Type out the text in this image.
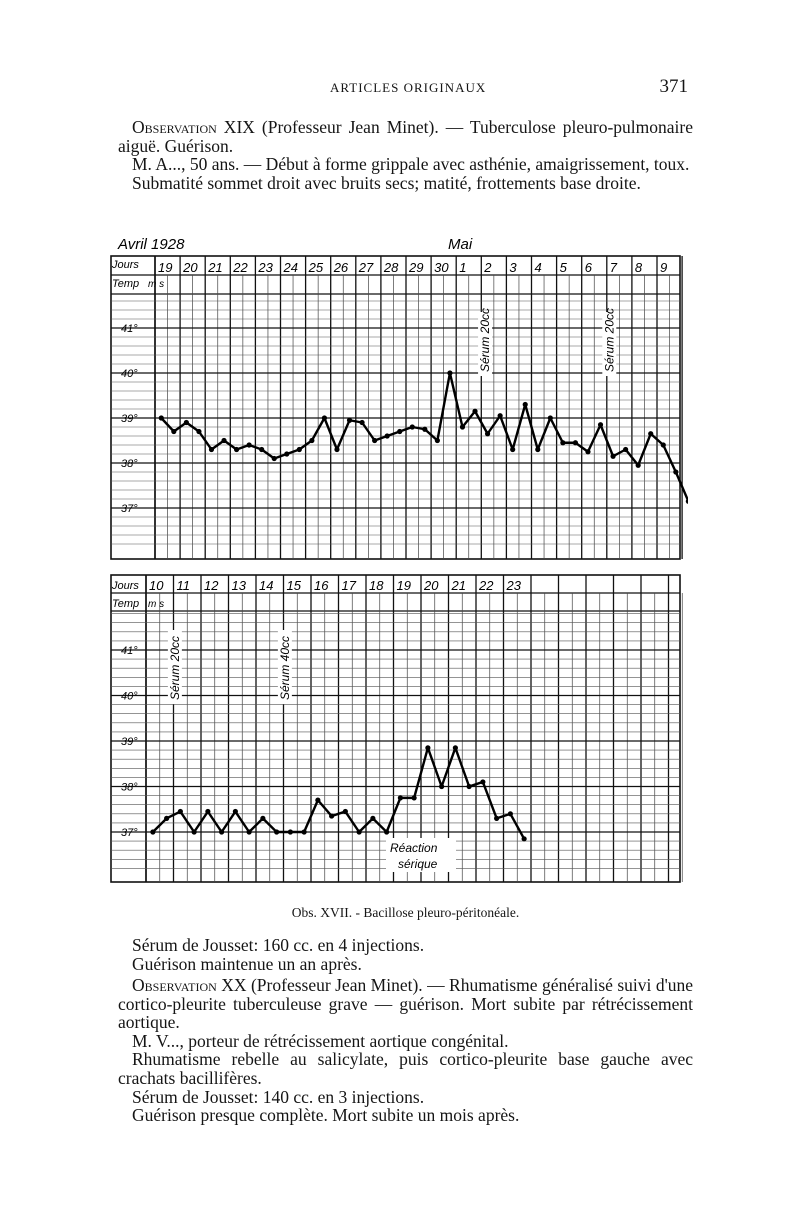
ARTICLES ORIGINAUX	371

Observation XIX (Professeur Jean Minet). — Tuberculose pleuro-pulmonaire aiguë. Guérison.

M. A..., 50 ans. — Début à forme grippale avec asthénie, amaigrissement, toux.

Submatité sommet droit avec bruits secs; matité, frottements base droite.

Avril 1928	Mai
Jours
Temp m s
19 20 21 22 23 24 25 26 27 28 29 30 1 2 3 4 5 6 7 8 9
41°
40°
39°
38°
37°
Sérum 20cc	Sérum 20cc
Jours
Temp m s
10 11 12 13 14 15 16 17 18 19 20 21 22 23
41°
40°
39°
38°
37°
Sérum 20cc	Sérum 40cc
Réaction
sérique
Obs. XVII. - Bacillose pleuro-péritonéale.

Sérum de Jousset: 160 cc. en 4 injections.

Guérison maintenue un an après.

Observation XX (Professeur Jean Minet). — Rhumatisme généralisé suivi d'une cortico-pleurite tuberculeuse grave — guérison. Mort subite par rétrécissement aortique.

M. V..., porteur de rétrécissement aortique congénital.

Rhumatisme rebelle au salicylate, puis cortico-pleurite base gauche avec crachats bacillifères.

Sérum de Jousset: 140 cc. en 3 injections.

Guérison presque complète. Mort subite un mois après.
